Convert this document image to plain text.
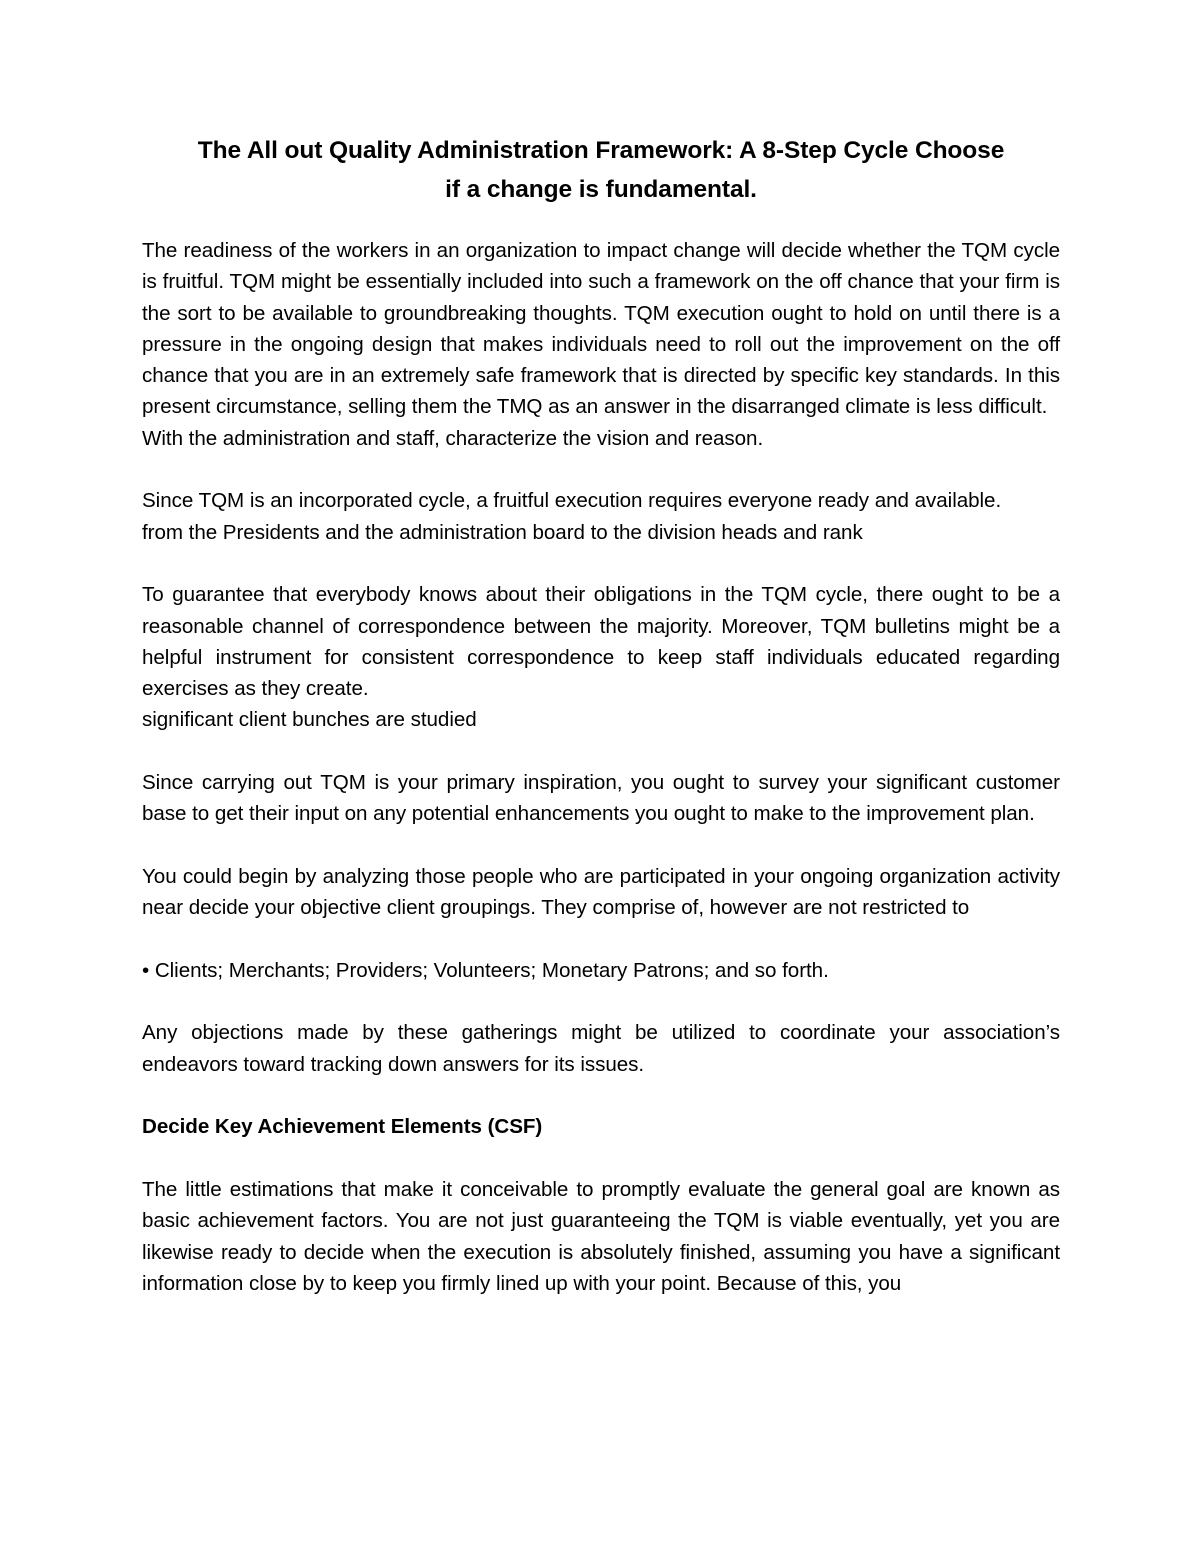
The All out Quality Administration Framework: A 8-Step Cycle Choose
if a change is fundamental.

The readiness of the workers in an organization to impact change will decide whether the TQM cycle is fruitful. TQM might be essentially included into such a framework on the off chance that your firm is the sort to be available to groundbreaking thoughts. TQM execution ought to hold on until there is a pressure in the ongoing design that makes individuals need to roll out the improvement on the off chance that you are in an extremely safe framework that is directed by specific key standards. In this present circumstance, selling them the TMQ as an answer in the disarranged climate is less difficult.

With the administration and staff, characterize the vision and reason.

Since TQM is an incorporated cycle, a fruitful execution requires everyone ready and available.

from the Presidents and the administration board to the division heads and rank

To guarantee that everybody knows about their obligations in the TQM cycle, there ought to be a reasonable channel of correspondence between the majority. Moreover, TQM bulletins might be a helpful instrument for consistent correspondence to keep staff individuals educated regarding exercises as they create.

significant client bunches are studied

Since carrying out TQM is your primary inspiration, you ought to survey your significant customer base to get their input on any potential enhancements you ought to make to the improvement plan.

You could begin by analyzing those people who are participated in your ongoing organization activity near decide your objective client groupings. They comprise of, however are not restricted to

• Clients; Merchants; Providers; Volunteers; Monetary Patrons; and so forth.

Any objections made by these gatherings might be utilized to coordinate your association’s endeavors toward tracking down answers for its issues.

Decide Key Achievement Elements (CSF)

The little estimations that make it conceivable to promptly evaluate the general goal are known as basic achievement factors. You are not just guaranteeing the TQM is viable eventually, yet you are likewise ready to decide when the execution is absolutely finished, assuming you have a significant information close by to keep you firmly lined up with your point. Because of this, you
